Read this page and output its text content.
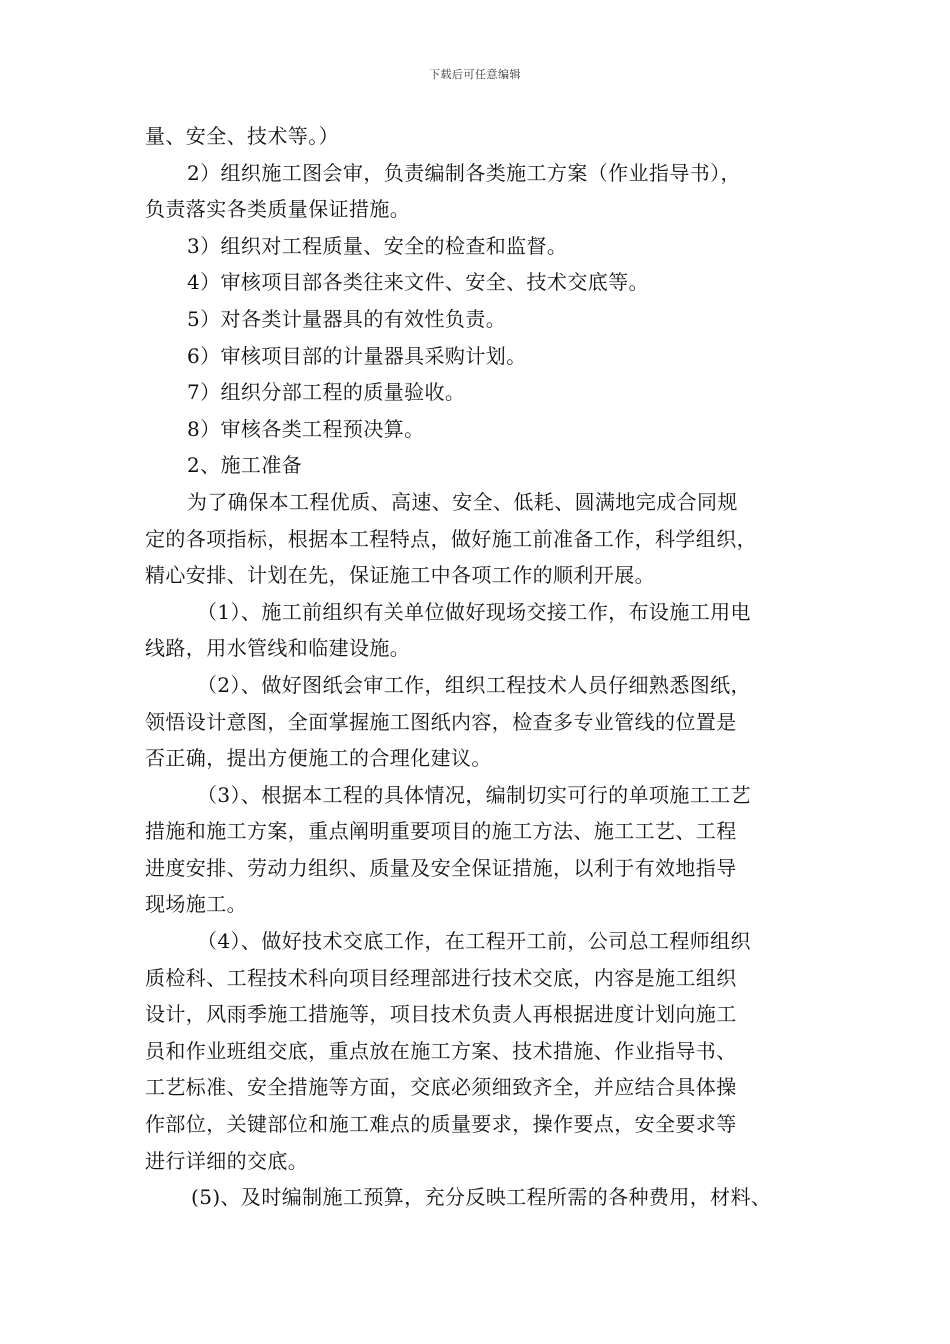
下载后可任意编辑
量、安全、技术等。）
2）组织施工图会审，负责编制各类施工方案（作业指导书），
负责落实各类质量保证措施。
3）组织对工程质量、安全的检查和监督。
4）审核项目部各类往来文件、安全、技术交底等。
5）对各类计量器具的有效性负责。
6）审核项目部的计量器具采购计划。
7）组织分部工程的质量验收。
8）审核各类工程预决算。
2、施工准备
为了确保本工程优质、高速、安全、低耗、圆满地完成合同规
定的各项指标，根据本工程特点，做好施工前准备工作，科学组织，
精心安排、计划在先，保证施工中各项工作的顺利开展。
（1）、施工前组织有关单位做好现场交接工作，布设施工用电
线路，用水管线和临建设施。
（2）、做好图纸会审工作，组织工程技术人员仔细熟悉图纸，
领悟设计意图，全面掌握施工图纸内容，检查多专业管线的位置是
否正确，提出方便施工的合理化建议。
（3）、根据本工程的具体情况，编制切实可行的单项施工工艺
措施和施工方案，重点阐明重要项目的施工方法、施工工艺、工程
进度安排、劳动力组织、质量及安全保证措施，以利于有效地指导
现场施工。
（4）、做好技术交底工作，在工程开工前，公司总工程师组织
质检科、工程技术科向项目经理部进行技术交底，内容是施工组织
设计，风雨季施工措施等，项目技术负责人再根据进度计划向施工
员和作业班组交底，重点放在施工方案、技术措施、作业指导书、
工艺标准、安全措施等方面，交底必须细致齐全，并应结合具体操
作部位，关键部位和施工难点的质量要求，操作要点，安全要求等
进行详细的交底。
(5)、及时编制施工预算，充分反映工程所需的各种费用，材料、
